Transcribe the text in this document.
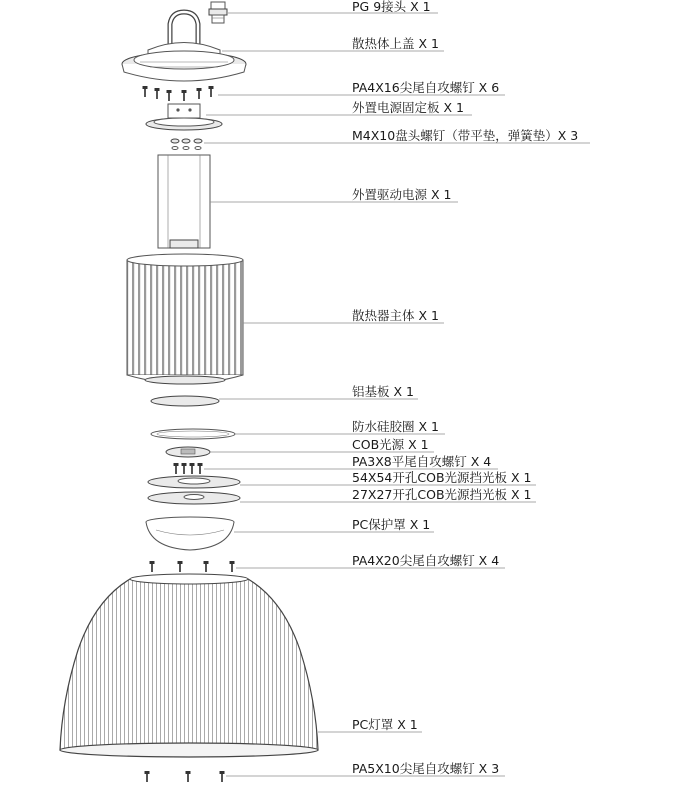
PG 9接头 X 1
散热体上盖 X 1
PA4X16尖尾自攻螺钉 X 6
外置电源固定板 X 1
M4X10盘头螺钉（带平垫，弹簧垫）X 3
外置驱动电源 X 1
散热器主体 X 1
铝基板 X 1
防水硅胶圈 X 1
COB光源 X 1
PA3X8平尾自攻螺钉 X 4
54X54开孔COB光源挡光板 X 1
27X27开孔COB光源挡光板 X 1
PC保护罩 X 1
PA4X20尖尾自攻螺钉 X 4
PC灯罩 X 1
PA5X10尖尾自攻螺钉 X 3
